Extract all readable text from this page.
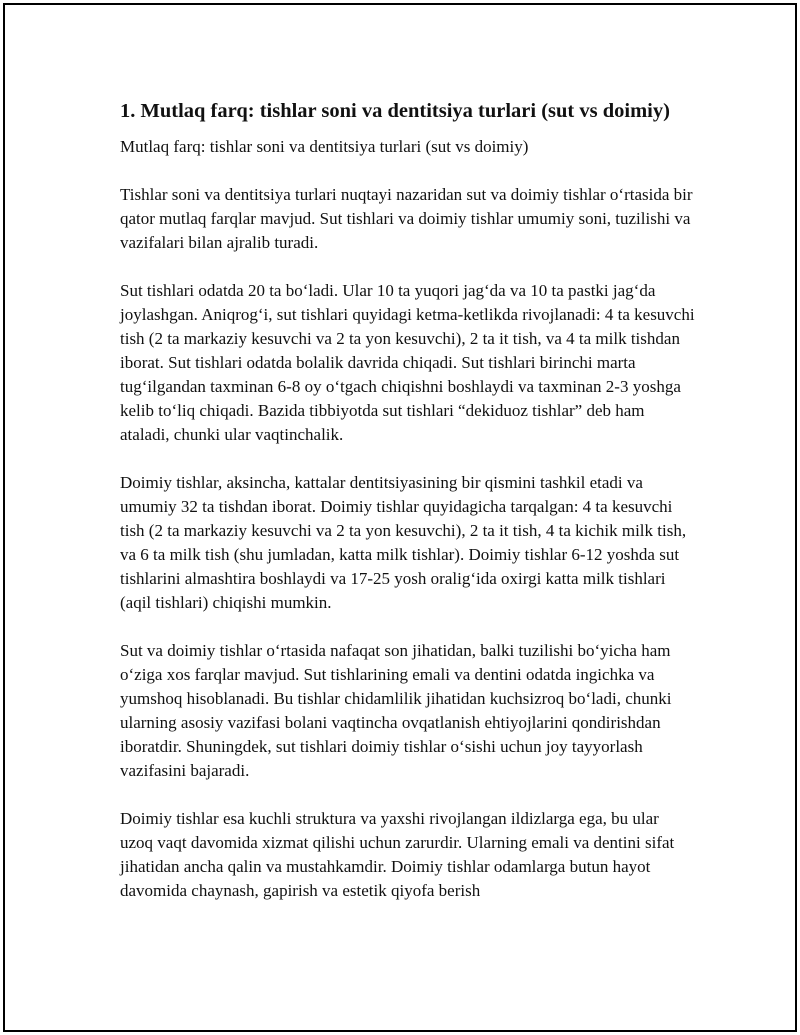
1. Mutlaq farq: tishlar soni va dentitsiya turlari (sut vs doimiy)

Mutlaq farq: tishlar soni va dentitsiya turlari (sut vs doimiy)

Tishlar soni va dentitsiya turlari nuqtayi nazaridan sut va doimiy tishlar o‘rtasida bir qator mutlaq farqlar mavjud. Sut tishlari va doimiy tishlar umumiy soni, tuzilishi va vazifalari bilan ajralib turadi.

Sut tishlari odatda 20 ta bo‘ladi. Ular 10 ta yuqori jag‘da va 10 ta pastki jag‘da joylashgan. Aniqrog‘i, sut tishlari quyidagi ketma-ketlikda rivojlanadi: 4 ta kesuvchi tish (2 ta markaziy kesuvchi va 2 ta yon kesuvchi), 2 ta it tish, va 4 ta milk tishdan iborat. Sut tishlari odatda bolalik davrida chiqadi. Sut tishlari birinchi marta tug‘ilgandan taxminan 6-8 oy o‘tgach chiqishni boshlaydi va taxminan 2-3 yoshga kelib to‘liq chiqadi. Bazida tibbiyotda sut tishlari “dekiduoz tishlar” deb ham ataladi, chunki ular vaqtinchalik.

Doimiy tishlar, aksincha, kattalar dentitsiyasining bir qismini tashkil etadi va umumiy 32 ta tishdan iborat. Doimiy tishlar quyidagicha tarqalgan: 4 ta kesuvchi tish (2 ta markaziy kesuvchi va 2 ta yon kesuvchi), 2 ta it tish, 4 ta kichik milk tish, va 6 ta milk tish (shu jumladan, katta milk tishlar). Doimiy tishlar 6-12 yoshda sut tishlarini almashtira boshlaydi va 17-25 yosh oralig‘ida oxirgi katta milk tishlari (aqil tishlari) chiqishi mumkin.

Sut va doimiy tishlar o‘rtasida nafaqat son jihatidan, balki tuzilishi bo‘yicha ham o‘ziga xos farqlar mavjud. Sut tishlarining emali va dentini odatda ingichka va yumshoq hisoblanadi. Bu tishlar chidamlilik jihatidan kuchsizroq bo‘ladi, chunki ularning asosiy vazifasi bolani vaqtincha ovqatlanish ehtiyojlarini qondirishdan iboratdir. Shuningdek, sut tishlari doimiy tishlar o‘sishi uchun joy tayyorlash vazifasini bajaradi.

Doimiy tishlar esa kuchli struktura va yaxshi rivojlangan ildizlarga ega, bu ular uzoq vaqt davomida xizmat qilishi uchun zarurdir. Ularning emali va dentini sifat jihatidan ancha qalin va mustahkamdir. Doimiy tishlar odamlarga butun hayot davomida chaynash, gapirish va estetik qiyofa berish
